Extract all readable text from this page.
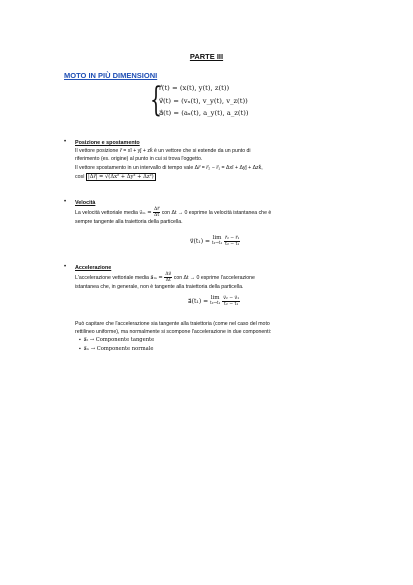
PARTE III
MOTO IN PIÙ DIMENSIONI
{
r⃗(t) = (x(t), y(t), z(t))
v⃗(t) = (vₓ(t), v_y(t), v_z(t))
a⃗(t) = (aₓ(t), a_y(t), a_z(t))
• Posizione e spostamento
Il vettore posizione r⃗ = xî + yĵ + zk̂ è un vettore che si estende da un punto di
riferimento (es. origine) al punto in cui si trova l'oggetto.
Il vettore spostamento in un intervallo di tempo vale Δr⃗ = r⃗₂ − r⃗₁ = Δxî + Δyĵ + Δzk̂,
così |Δr⃗| = √(Δx² + Δy² + Δz²)
• Velocità
La velocità vettoriale media v⃗ₘ = $\frac{\Delta r⃗}{\Delta t}$ con Δt → 0 esprime la velocità istantanea che è
sempre tangente alla traiettoria della particella.
v⃗(t₁) = lim
$t_2\to t_1 \frac{\text{r⃗₂ − r⃗₁}}{\text{t₂ − t₁}}$
• Accelerazione
L'accelerazione vettoriale media a⃗ₘ = $\frac{\Delta v⃗}{\Delta t}$ con Δt → 0 esprime l'accelerazione
istantanea che, in generale, non è tangente alla traiettoria della particella.
a⃗(t₁) = lim
$t_2\to t_1 \frac{\text{v⃗₂ − v⃗₁}}{\text{t₂ − t₁}}$
Può capitare che l'accelerazione sia tangente alla traiettoria (come nel caso del moto
rettilineo uniforme), ma normalmente si scompone l'accelerazione in due componenti:
▪ a⃗ₜ → Componente tangente
▪ a⃗ₙ → Componente normale
